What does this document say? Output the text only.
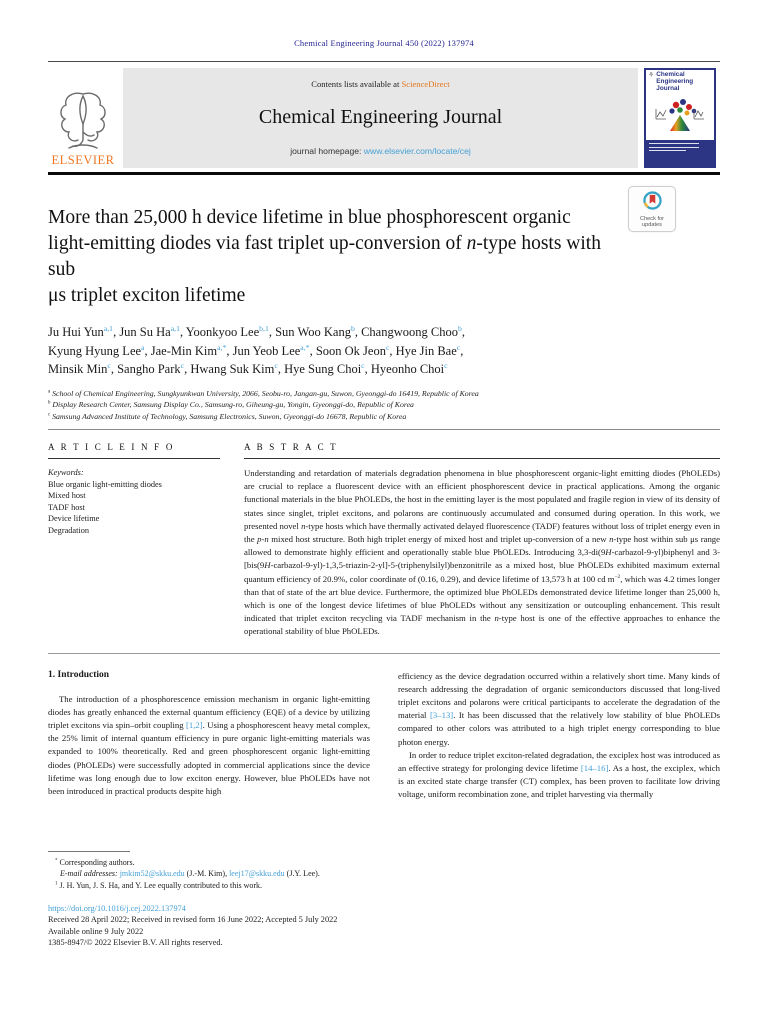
Chemical Engineering Journal 450 (2022) 137974
ELSEVIER
Contents lists available at ScienceDirect
Chemical Engineering Journal
journal homepage: www.elsevier.com/locate/cej
⚘ Chemical
Engineering
Journal
Check for
updates
More than 25,000 h device lifetime in blue phosphorescent organic
light-emitting diodes via fast triplet up-conversion of n-type hosts with sub
μs triplet exciton lifetime
Ju Hui Yun$^{a,1}$, Jun Su Ha$^{a,1}$, Yoonkyoo Lee$^{b,1}$, Sun Woo Kang$^b$, Changwoong Choo$^b$,
Kyung Hyung Lee$^a$, Jae-Min Kim$^{a,*}$, Jun Yeob Lee$^{a,*}$, Soon Ok Jeon$^c$, Hye Jin Bae$^c$,
Minsik Min$^c$, Sangho Park$^c$, Hwang Suk Kim$^c$, Hye Sung Choi$^c$, Hyeonho Choi$^c$
$^a$ School of Chemical Engineering, Sungkyunkwan University, 2066, Seobu-ro, Jangan-gu, Suwon, Gyeonggi-do 16419, Republic of Korea
$^b$ Display Research Center, Samsung Display Co., Samsung-ro, Giheung-gu, Yongin, Gyeonggi-do, Republic of Korea
$^c$ Samsung Advanced Institute of Technology, Samsung Electronics, Suwon, Gyeonggi-do 16678, Republic of Korea
A R T I C L E I N F O
Keywords:
Blue organic light-emitting diodes
Mixed host
TADF host
Device lifetime
Degradation
A B S T R A C T
Understanding and retardation of materials degradation phenomena in blue phosphorescent organic-light emitting diodes (PhOLEDs) are crucial to replace a fluorescent device with an efficient phosphorescent device in practical applications. Among the organic functional materials in the blue PhOLEDs, the host in the emitting layer is the most populated and fragile region in view of its density of states since singlet, triplet excitons, and polarons are continuously accumulated and consumed during operation. In this work, we presented novel n-type hosts which have thermally activated delayed fluorescence (TADF) features without loss of triplet energy even in the p-n mixed host structure. Both high triplet energy of mixed host and triplet up-conversion of a new n-type host within sub μs range allowed to demonstrate highly efficient and operationally stable blue PhOLEDs. Introducing 3,3-di(9H-carbazol-9-yl)biphenyl and 3-[bis(9H-carbazol-9-yl)-1,3,5-triazin-2-yl]-5-(triphenylsilyl)benzonitrile as a mixed host, blue PhOLEDs exhibited maximum external quantum efficiency of 20.9%, color coordinate of (0.16, 0.29), and device lifetime of 13,573 h at 100 cd $m^{-2}$, which was 4.2 times longer than that of state of the art blue device. Furthermore, the optimized blue PhOLEDs demonstrated device lifetime longer than 25,000 h, which is one of the longest device lifetimes of blue PhOLEDs without any sensitization or outcoupling enhancement. This result indicated that triplet exciton recycling via TADF mechanism in the n-type host is one of the effective approaches to enhance the operational stability of blue PhOLEDs.
1. Introduction

The introduction of a phosphorescence emission mechanism in organic light-emitting diodes has greatly enhanced the external quantum efficiency (EQE) of a device by utilizing triplet excitons via spin–orbit coupling [1,2]. Using a phosphorescent heavy metal complex, the 25% limit of internal quantum efficiency in pure organic light-emitting materials was expanded to 100% theoretically. Red and green phosphorescent organic light-emitting diodes (PhOLEDs) were successfully adopted in commercial applications since the device lifetime was long enough due to low exciton energy. However, blue PhOLEDs have not been introduced in practical products despite high

efficiency as the device degradation occurred within a relatively short time. Many kinds of research addressing the degradation of organic semiconductors discussed that long-lived triplet excitons and polarons were critical participants to accelerate the degradation of the material [3–13]. It has been discussed that the relatively low stability of blue PhOLEDs compared to other colors was attributed to a high triplet energy corresponding to blue photon energy.

In order to reduce triplet exciton-related degradation, the exciplex host was introduced as an effective strategy for prolonging device lifetime [14–16]. As a host, the exciplex, which is an excited state charge transfer (CT) complex, has been proven to facilitate low driving voltage, uniform recombination zone, and triplet harvesting via thermally

* Corresponding authors.
E-mail addresses: jmkim52@skku.edu (J.-M. Kim), leej17@skku.edu (J.Y. Lee).
$^1$ J. H. Yun, J. S. Ha, and Y. Lee equally contributed to this work.
https://doi.org/10.1016/j.cej.2022.137974
Received 28 April 2022; Received in revised form 16 June 2022; Accepted 5 July 2022
Available online 9 July 2022
1385-8947/© 2022 Elsevier B.V. All rights reserved.
